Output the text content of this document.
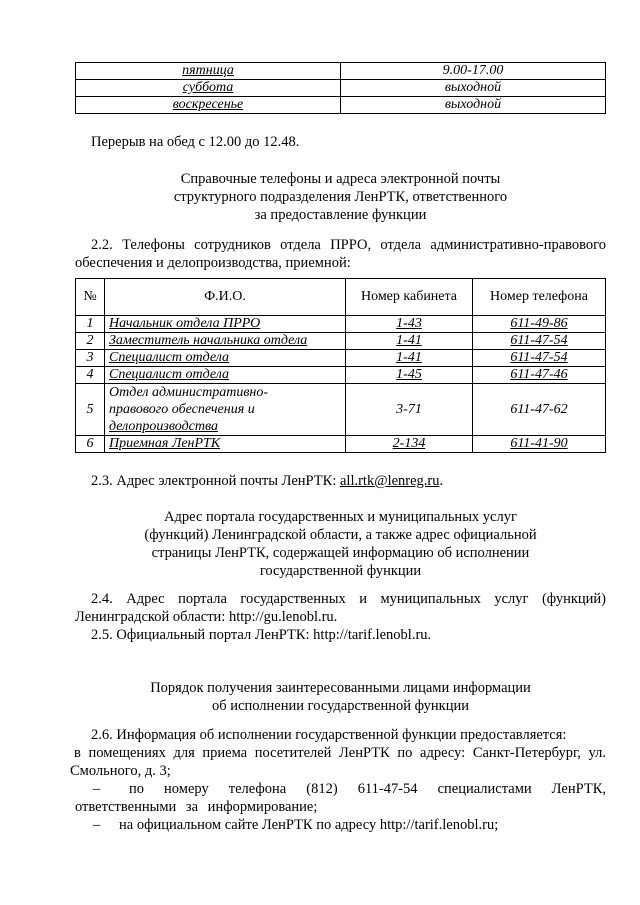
пятница	9.00-17.00
суббота	выходной
воскресенье	выходной
Перерыв на обед с 12.00 до 12.48.
Справочные телефоны и адреса электронной почты
структурного подразделения ЛенРТК, ответственного
за предоставление функции
2.2. Телефоны сотрудников отдела ПРРО, отдела административно-правового обеспечения и делопроизводства, приемной:
№	Ф.И.О.	Номер кабинета	Номер телефона
1	Начальник отдела ПРРО	1-43	611-49-86
2	Заместитель начальника отдела	1-41	611-47-54
3	Специалист отдела	1-41	611-47-54
4	Специалист отдела	1-45	611-47-46
5	Отдел административно-
правового обеспечения и
делопроизводства	3-71	611-47-62
6	Приемная ЛенРТК	2-134	611-41-90
2.3. Адрес электронной почты ЛенРТК: all.rtk@lenreg.ru.
Адрес портала государственных и муниципальных услуг
(функций) Ленинградской области, а также адрес официальной
страницы ЛенРТК, содержащей информацию об исполнении
государственной функции
2.4. Адрес портала государственных и муниципальных услуг (функций) Ленинградской области: http://gu.lenobl.ru.
2.5. Официальный портал ЛенРТК: http://tarif.lenobl.ru.
Порядок получения заинтересованными лицами информации
об исполнении государственной функции
2.6. Информация об исполнении государственной функции предоставляется:
в помещениях для приема посетителей ЛенРТК по адресу: Санкт-Петербург, ул. Смольного, д. 3;
–	по номеру телефона (812) 611-47-54 специалистами ЛенРТК, ответственными за информирование;
–	на официальном сайте ЛенРТК по адресу http://tarif.lenobl.ru;
